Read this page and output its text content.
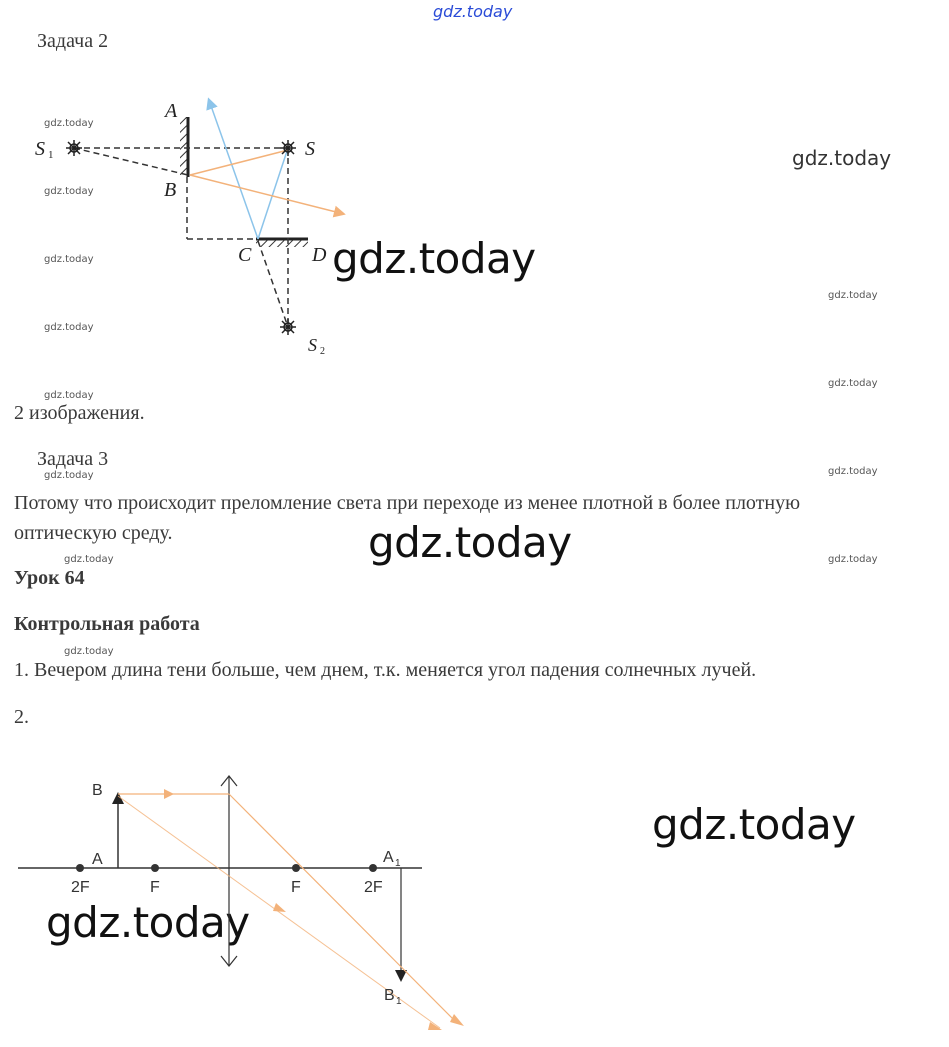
gdz.today
Задача 2
A
B
C	D
S
S 1
S 2
gdz.today
gdz.today
gdz.today
gdz.today
gdz.today
gdz.today
gdz.today
gdz.today
gdz.today
gdz.today
gdz.today
gdz.today
gdz.today
gdz.today
gdz.today
gdz.today
gdz.today
2 изображения.
Задача 3
Потому что происходит преломление света при переходе из менее плотной в более плотную
оптическую среду.
Урок 64
Контрольная работа
1. Вечером длина тени больше, чем днем, т.к. меняется угол падения солнечных лучей.
2.
B
A	A 1
B 1
2F	F	F	2F
